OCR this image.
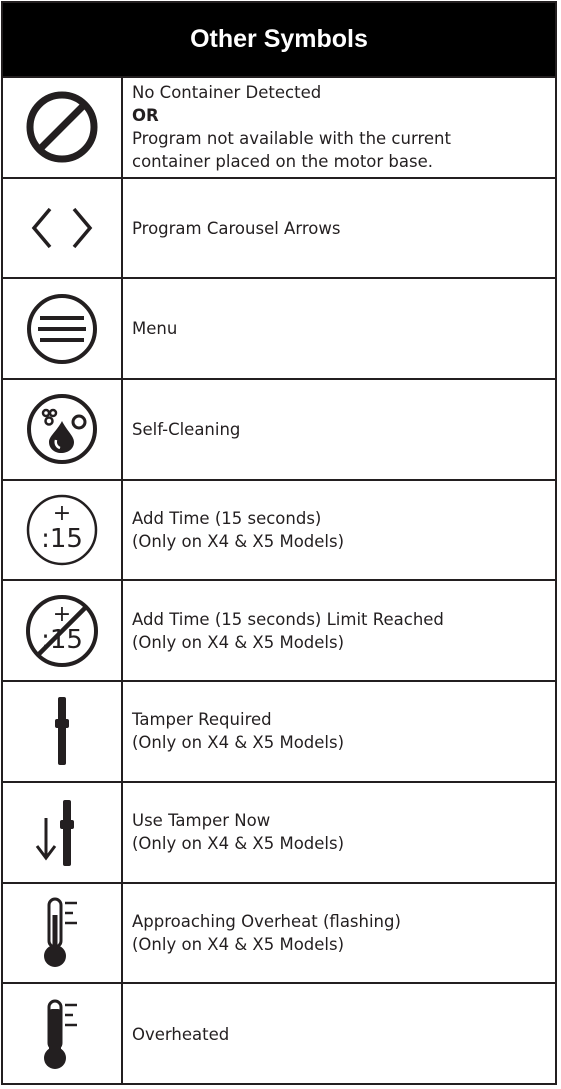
Other Symbols
No Container Detected
OR
Program not available with the current
container placed on the motor base.
Program Carousel Arrows
Menu
Self-Cleaning
+
:15
Add Time (15 seconds)
(Only on X4 & X5 Models)
+
:15
Add Time (15 seconds) Limit Reached
(Only on X4 & X5 Models)
Tamper Required
(Only on X4 & X5 Models)
Use Tamper Now
(Only on X4 & X5 Models)
Approaching Overheat (flashing)
(Only on X4 & X5 Models)
Overheated
